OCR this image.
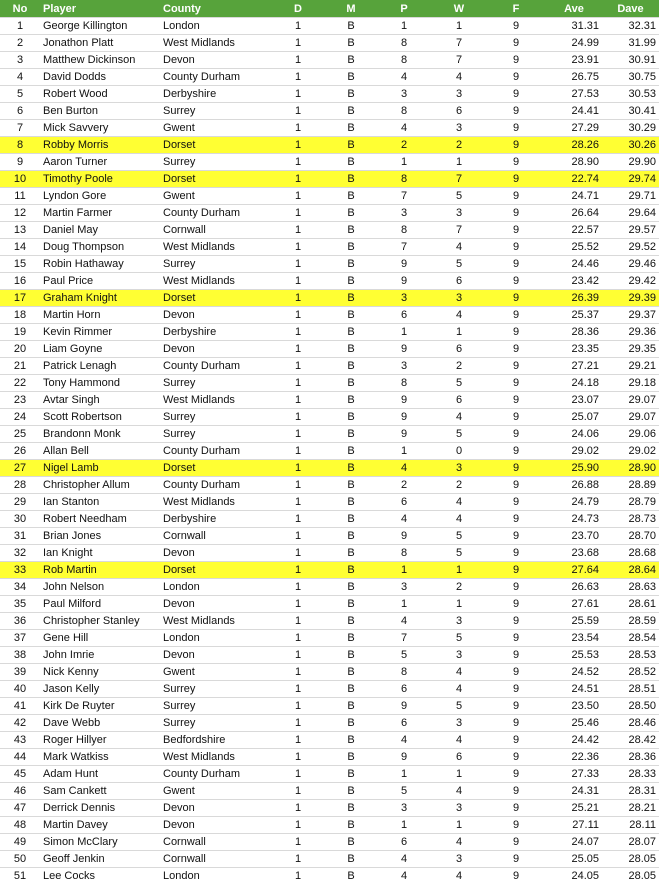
No	Player	County	D	M	P	W	F	Ave	Dave
1	George Killington	London	1	B	1	1	9	31.31	32.31
2	Jonathon Platt	West Midlands	1	B	8	7	9	24.99	31.99
3	Matthew Dickinson	Devon	1	B	8	7	9	23.91	30.91
4	David Dodds	County Durham	1	B	4	4	9	26.75	30.75
5	Robert Wood	Derbyshire	1	B	3	3	9	27.53	30.53
6	Ben Burton	Surrey	1	B	8	6	9	24.41	30.41
7	Mick Savvery	Gwent	1	B	4	3	9	27.29	30.29
8	Robby Morris	Dorset	1	B	2	2	9	28.26	30.26
9	Aaron Turner	Surrey	1	B	1	1	9	28.90	29.90
10	Timothy Poole	Dorset	1	B	8	7	9	22.74	29.74
11	Lyndon Gore	Gwent	1	B	7	5	9	24.71	29.71
12	Martin Farmer	County Durham	1	B	3	3	9	26.64	29.64
13	Daniel May	Cornwall	1	B	8	7	9	22.57	29.57
14	Doug Thompson	West Midlands	1	B	7	4	9	25.52	29.52
15	Robin Hathaway	Surrey	1	B	9	5	9	24.46	29.46
16	Paul Price	West Midlands	1	B	9	6	9	23.42	29.42
17	Graham Knight	Dorset	1	B	3	3	9	26.39	29.39
18	Martin Horn	Devon	1	B	6	4	9	25.37	29.37
19	Kevin Rimmer	Derbyshire	1	B	1	1	9	28.36	29.36
20	Liam Goyne	Devon	1	B	9	6	9	23.35	29.35
21	Patrick Lenagh	County Durham	1	B	3	2	9	27.21	29.21
22	Tony Hammond	Surrey	1	B	8	5	9	24.18	29.18
23	Avtar Singh	West Midlands	1	B	9	6	9	23.07	29.07
24	Scott Robertson	Surrey	1	B	9	4	9	25.07	29.07
25	Brandonn Monk	Surrey	1	B	9	5	9	24.06	29.06
26	Allan Bell	County Durham	1	B	1	0	9	29.02	29.02
27	Nigel Lamb	Dorset	1	B	4	3	9	25.90	28.90
28	Christopher Allum	County Durham	1	B	2	2	9	26.88	28.89
29	Ian Stanton	West Midlands	1	B	6	4	9	24.79	28.79
30	Robert Needham	Derbyshire	1	B	4	4	9	24.73	28.73
31	Brian Jones	Cornwall	1	B	9	5	9	23.70	28.70
32	Ian Knight	Devon	1	B	8	5	9	23.68	28.68
33	Rob Martin	Dorset	1	B	1	1	9	27.64	28.64
34	John Nelson	London	1	B	3	2	9	26.63	28.63
35	Paul Milford	Devon	1	B	1	1	9	27.61	28.61
36	Christopher Stanley	West Midlands	1	B	4	3	9	25.59	28.59
37	Gene Hill	London	1	B	7	5	9	23.54	28.54
38	John Imrie	Devon	1	B	5	3	9	25.53	28.53
39	Nick Kenny	Gwent	1	B	8	4	9	24.52	28.52
40	Jason Kelly	Surrey	1	B	6	4	9	24.51	28.51
41	Kirk De Ruyter	Surrey	1	B	9	5	9	23.50	28.50
42	Dave Webb	Surrey	1	B	6	3	9	25.46	28.46
43	Roger Hillyer	Bedfordshire	1	B	4	4	9	24.42	28.42
44	Mark Watkiss	West Midlands	1	B	9	6	9	22.36	28.36
45	Adam Hunt	County Durham	1	B	1	1	9	27.33	28.33
46	Sam Cankett	Gwent	1	B	5	4	9	24.31	28.31
47	Derrick Dennis	Devon	1	B	3	3	9	25.21	28.21
48	Martin Davey	Devon	1	B	1	1	9	27.11	28.11
49	Simon McClary	Cornwall	1	B	6	4	9	24.07	28.07
50	Geoff Jenkin	Cornwall	1	B	4	3	9	25.05	28.05
51	Lee Cocks	London	1	B	4	4	9	24.05	28.05
